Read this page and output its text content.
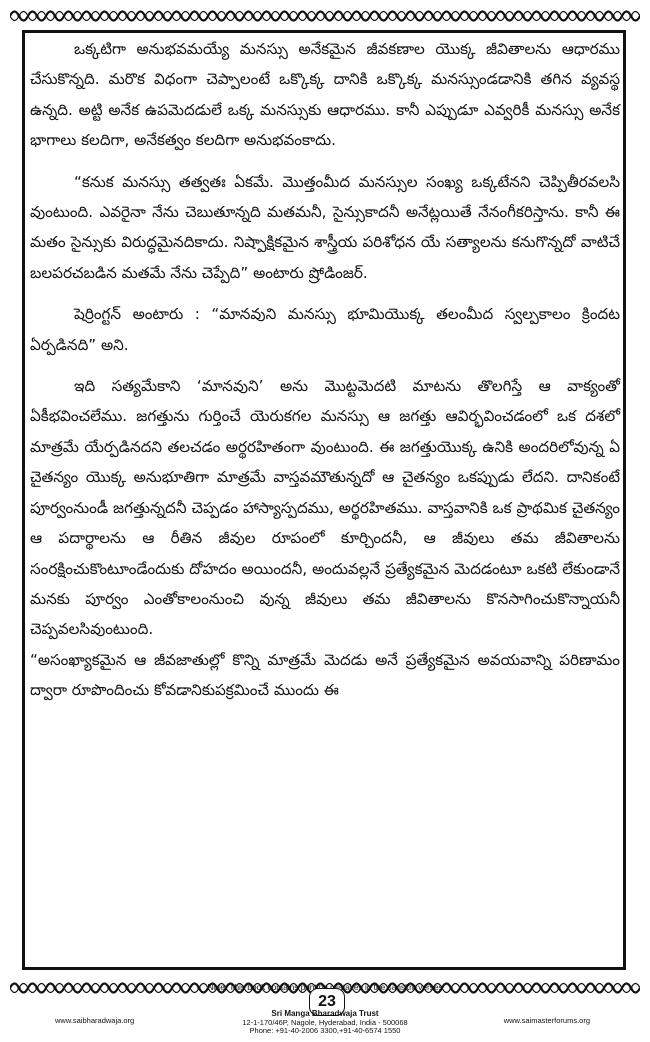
ఒక్కటిగా అనుభవమయ్యే మనస్సు అనేకమైన జీవకణాల యొక్క జీవితాలను ఆధారము చేసుకొన్నది. మరొక విధంగా చెప్పాలంటే ఒక్కొక్క దానికి ఒక్కొక్క మనస్సుండడానికి తగిన వ్యవస్థ ఉన్నది. అట్టి అనేక ఉపమెదడులే ఒక్క మనస్సుకు ఆధారము. కానీ ఎప్పుడూ ఎవ్వరికీ మనస్సు అనేక భాగాలు కలదిగా, అనేకత్వం కలదిగా అనుభవంకాదు.

“కనుక మనస్సు తత్వతః ఏకమే. మొత్తంమీద మనస్సుల సంఖ్య ఒక్కటేనని చెప్పితీరవలసి వుంటుంది. ఎవరైనా నేను చెబుతూన్నది మతమనీ, సైన్సుకాదనీ అనేట్లయితే నేనంగీకరిస్తాను. కానీ ఈ మతం సైన్సుకు విరుద్ధమైనదికాదు. నిష్పాక్షికమైన శాస్త్రీయ పరిశోధన యే సత్యాలను కనుగొన్నదో వాటిచే బలపరచబడిన మతమే నేను చెప్పేది” అంటారు ష్రోడింజర్.

షెర్రింగ్టన్ అంటారు : “మానవుని మనస్సు భూమియొక్క తలంమీద స్వల్పకాలం క్రిందట ఏర్పడినది” అని.

ఇది సత్యమేకాని ‘మానవుని’ అను మొట్టమెదటి మాటను తొలగిస్తే ఆ వాక్యంతో ఏకీభవించలేము. జగత్తును గుర్తించే యెరుకగల మనస్సు ఆ జగత్తు ఆవిర్భవించడంలో ఒక దశలో మాత్రమే యేర్పడినదని తలచడం అర్థరహితంగా వుంటుంది. ఈ జగత్తుయొక్క ఉనికి అందరిలోవున్న ఏ చైతన్యం యొక్క అనుభూతిగా మాత్రమే వాస్తవమౌతున్నదో ఆ చైతన్యం ఒకప్పుడు లేదని. దానికంటే పూర్వంనుండీ జగత్తున్నదనీ చెప్పడం హాస్యాస్పదము, అర్థరహితము. వాస్తవానికి ఒక ప్రాథమిక చైతన్యం ఆ పదార్థాలను ఆ రీతిన జీవుల రూపంలో కూర్చిందనీ, ఆ జీవులు తమ జీవితాలను సంరక్షించుకొంటూండేందుకు దోహదం అయిందనీ, అందువల్లనే ప్రత్యేకమైన మెదడంటూ ఒకటి లేకుండానే మనకు పూర్వం ఎంతోకాలంనుంచి వున్న జీవులు తమ జీవితాలను కొనసాగించుకొన్నాయనీ చెప్పవలసివుంటుంది.

“అసంఖ్యాకమైన ఆ జీవజాతుల్లో కొన్ని మాత్రమే మెదడు అనే ప్రత్యేకమైన అవయవాన్ని పరిణామం ద్వారా రూపొందించు కోవడానికుపక్రమించే ముందు ఈ

23
www.saibharadwaja.org
Sri Manga Bharadwaja Trust
12-1-170/46P, Nagole, Hyderabad, India - 500068
Phone: +91-40-2006 3300,+91-40-6574 1550
www.saimasterforums.org
